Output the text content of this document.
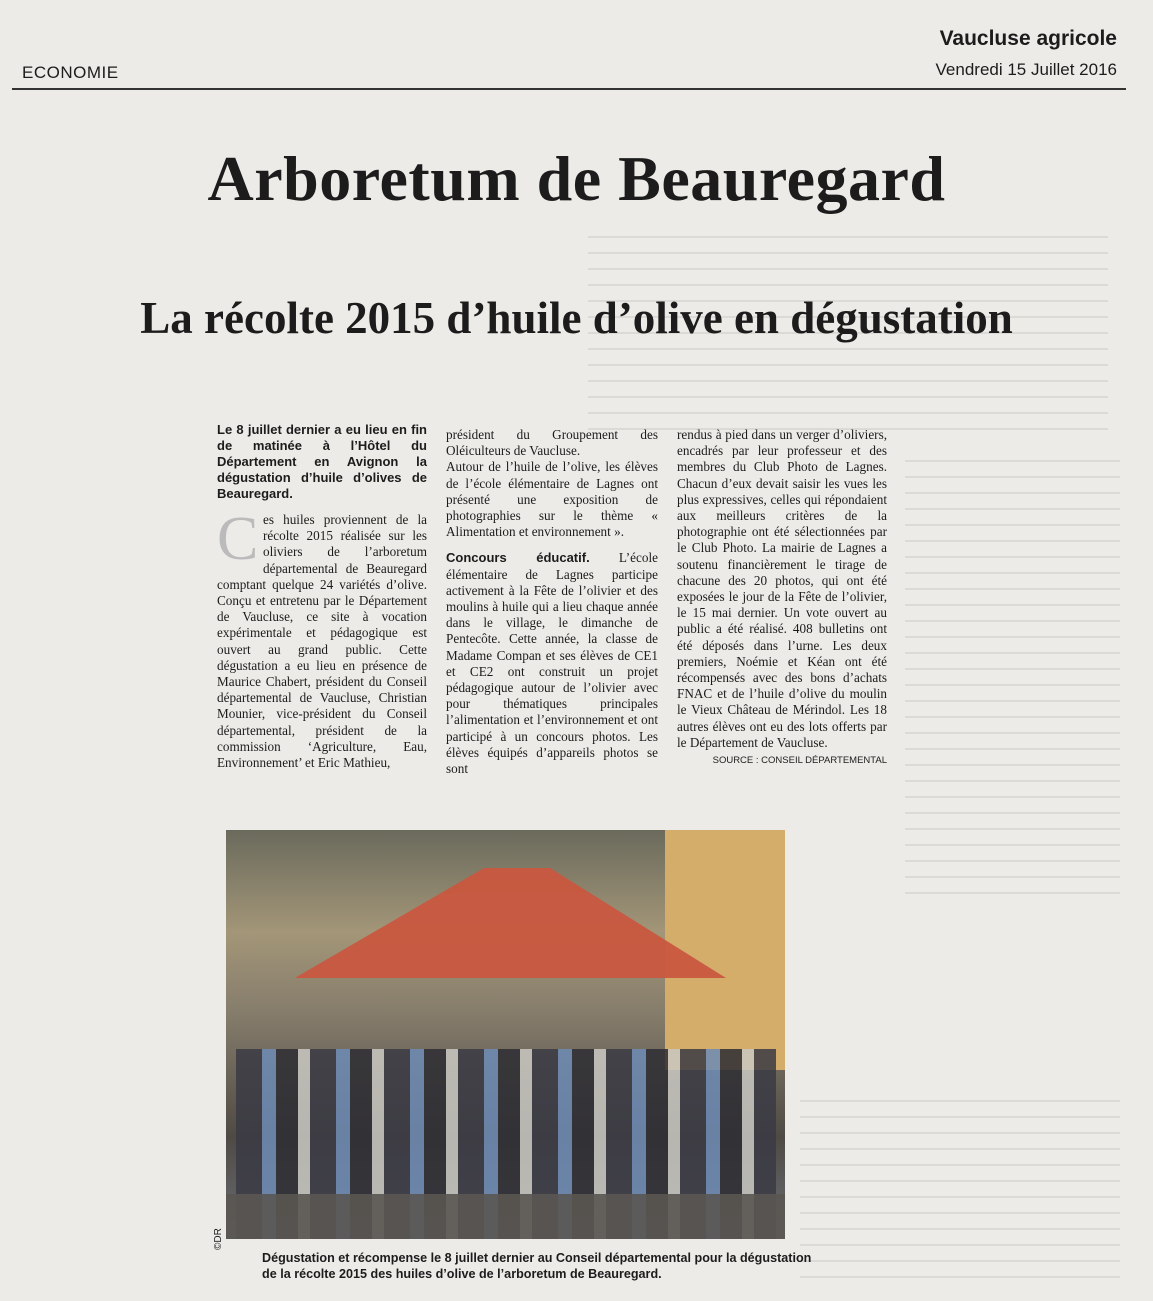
ECONOMIE
Vaucluse agricole
Vendredi 15 Juillet 2016
Arboretum de Beauregard
La récolte 2015 d’huile d’olive en dégustation

Le 8 juillet dernier a eu lieu en fin de matinée à l’Hôtel du Département en Avignon la dégustation d’huile d’olives de Beauregard.

C es huiles proviennent de la récolte 2015 réalisée sur les oliviers de l’arboretum départemental de Beauregard comptant quelque 24 variétés d’olive. Conçu et entretenu par le Département de Vaucluse, ce site à vocation expérimentale et pédagogique est ouvert au grand public. Cette dégustation a eu lieu en présence de Maurice Chabert, président du Conseil départemental de Vaucluse, Christian Mounier, vice-président du Conseil départemental, président de la commission ‘Agriculture, Eau, Environnement’ et Eric Mathieu,

président du Groupement des Oléiculteurs de Vaucluse.

Autour de l’huile de l’olive, les élèves de l’école élémentaire de Lagnes ont présenté une exposition de photographies sur le thème « Alimentation et environnement ».

Concours éducatif. L’école élémentaire de Lagnes participe activement à la Fête de l’olivier et des moulins à huile qui a lieu chaque année dans le village, le dimanche de Pentecôte. Cette année, la classe de Madame Compan et ses élèves de CE1 et CE2 ont construit un projet pédagogique autour de l’olivier avec pour thématiques principales l’alimentation et l’environnement et ont participé à un concours photos. Les élèves équipés d’appareils photos se sont

rendus à pied dans un verger d’oliviers, encadrés par leur professeur et des membres du Club Photo de Lagnes. Chacun d’eux devait saisir les vues les plus expressives, celles qui répondaient aux meilleurs critères de la photographie ont été sélectionnées par le Club Photo. La mairie de Lagnes a soutenu financièrement le tirage de chacune des 20 photos, qui ont été exposées le jour de la Fête de l’olivier, le 15 mai dernier. Un vote ouvert au public a été réalisé. 408 bulletins ont été déposés dans l’urne. Les deux premiers, Noémie et Kéan ont été récompensés avec des bons d’achats FNAC et de l’huile d’olive du moulin le Vieux Château de Mérindol. Les 18 autres élèves ont eu des lots offerts par le Département de Vaucluse.

SOURCE : CONSEIL DÉPARTEMENTAL
©DR
Dégustation et récompense le 8 juillet dernier au Conseil départemental pour la dégustation de la récolte 2015 des huiles d’olive de l’arboretum de Beauregard.
